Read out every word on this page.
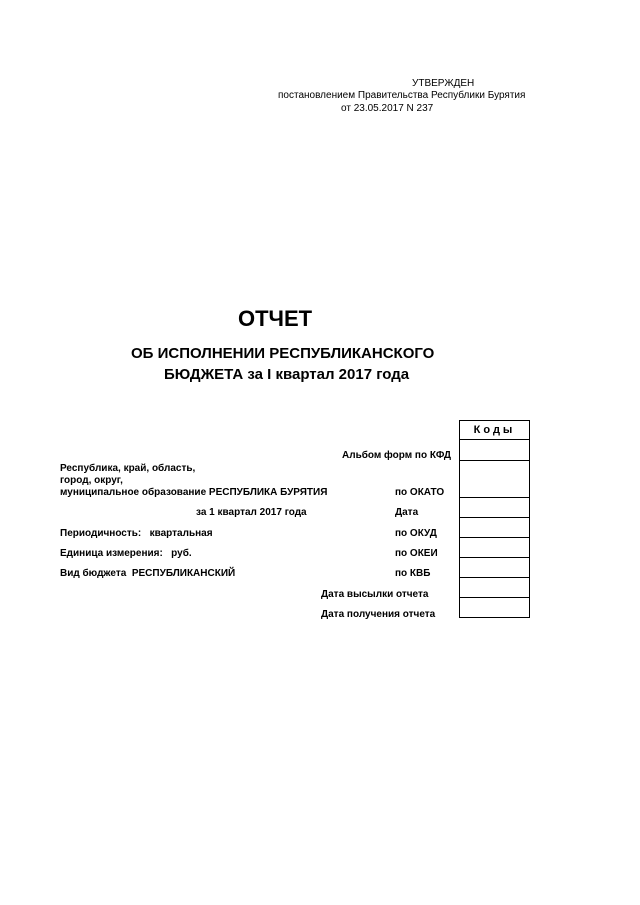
УТВЕРЖДЕН
постановлением Правительства Республики Бурятия
от 23.05.2017 N 237
ОТЧЕТ
ОБ ИСПОЛНЕНИИ РЕСПУБЛИКАНСКОГО
БЮДЖЕТА за I квартал 2017 года
Коды

Альбом форм по КФД
Республика, край, область,
город, округ,
муниципальное образование РЕСПУБЛИКА БУРЯТИЯ	по ОКАТО
за 1 квартал 2017 года	Дата
Периодичность: квартальная	по ОКУД
Единица измерения: руб.	по ОКЕИ
Вид бюджета РЕСПУБЛИКАНСКИЙ	по КВБ
Дата высылки отчета
Дата получения отчета
